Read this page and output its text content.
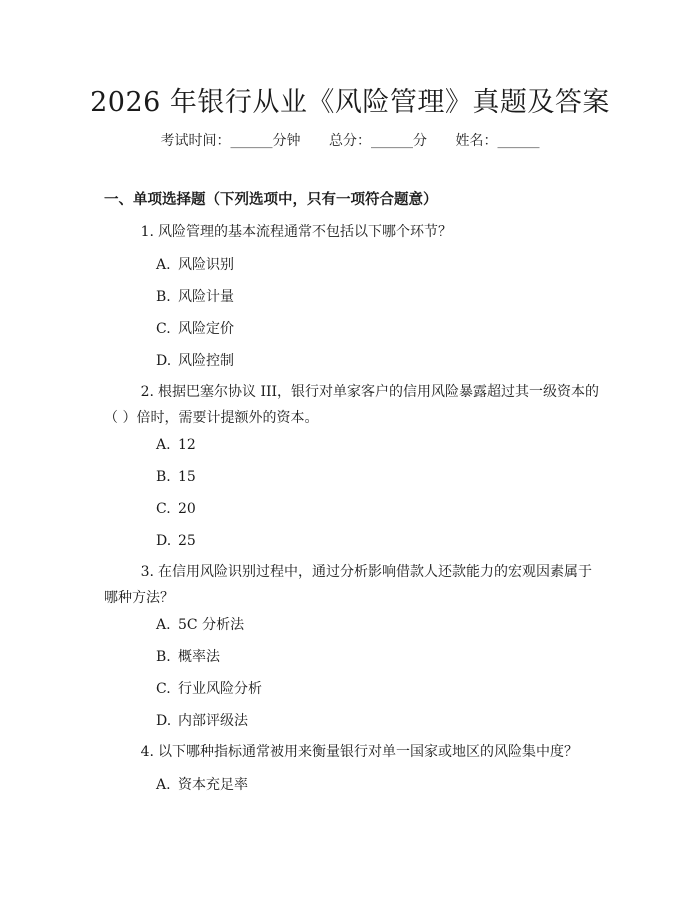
2026 年银行从业《风险管理》真题及答案
考试时间：______分钟 总分：______分 姓名：______
一、单项选择题（下列选项中，只有一项符合题意）
1. 风险管理的基本流程通常不包括以下哪个环节？
A. 风险识别
B. 风险计量
C. 风险定价
D. 风险控制
2. 根据巴塞尔协议 III，银行对单家客户的信用风险暴露超过其一级资本的（ ）倍时，需要计提额外的资本。
A. 12
B. 15
C. 20
D. 25
3. 在信用风险识别过程中，通过分析影响借款人还款能力的宏观因素属于哪种方法？
A. 5C 分析法
B. 概率法
C. 行业风险分析
D. 内部评级法
4. 以下哪种指标通常被用来衡量银行对单一国家或地区的风险集中度？
A. 资本充足率
